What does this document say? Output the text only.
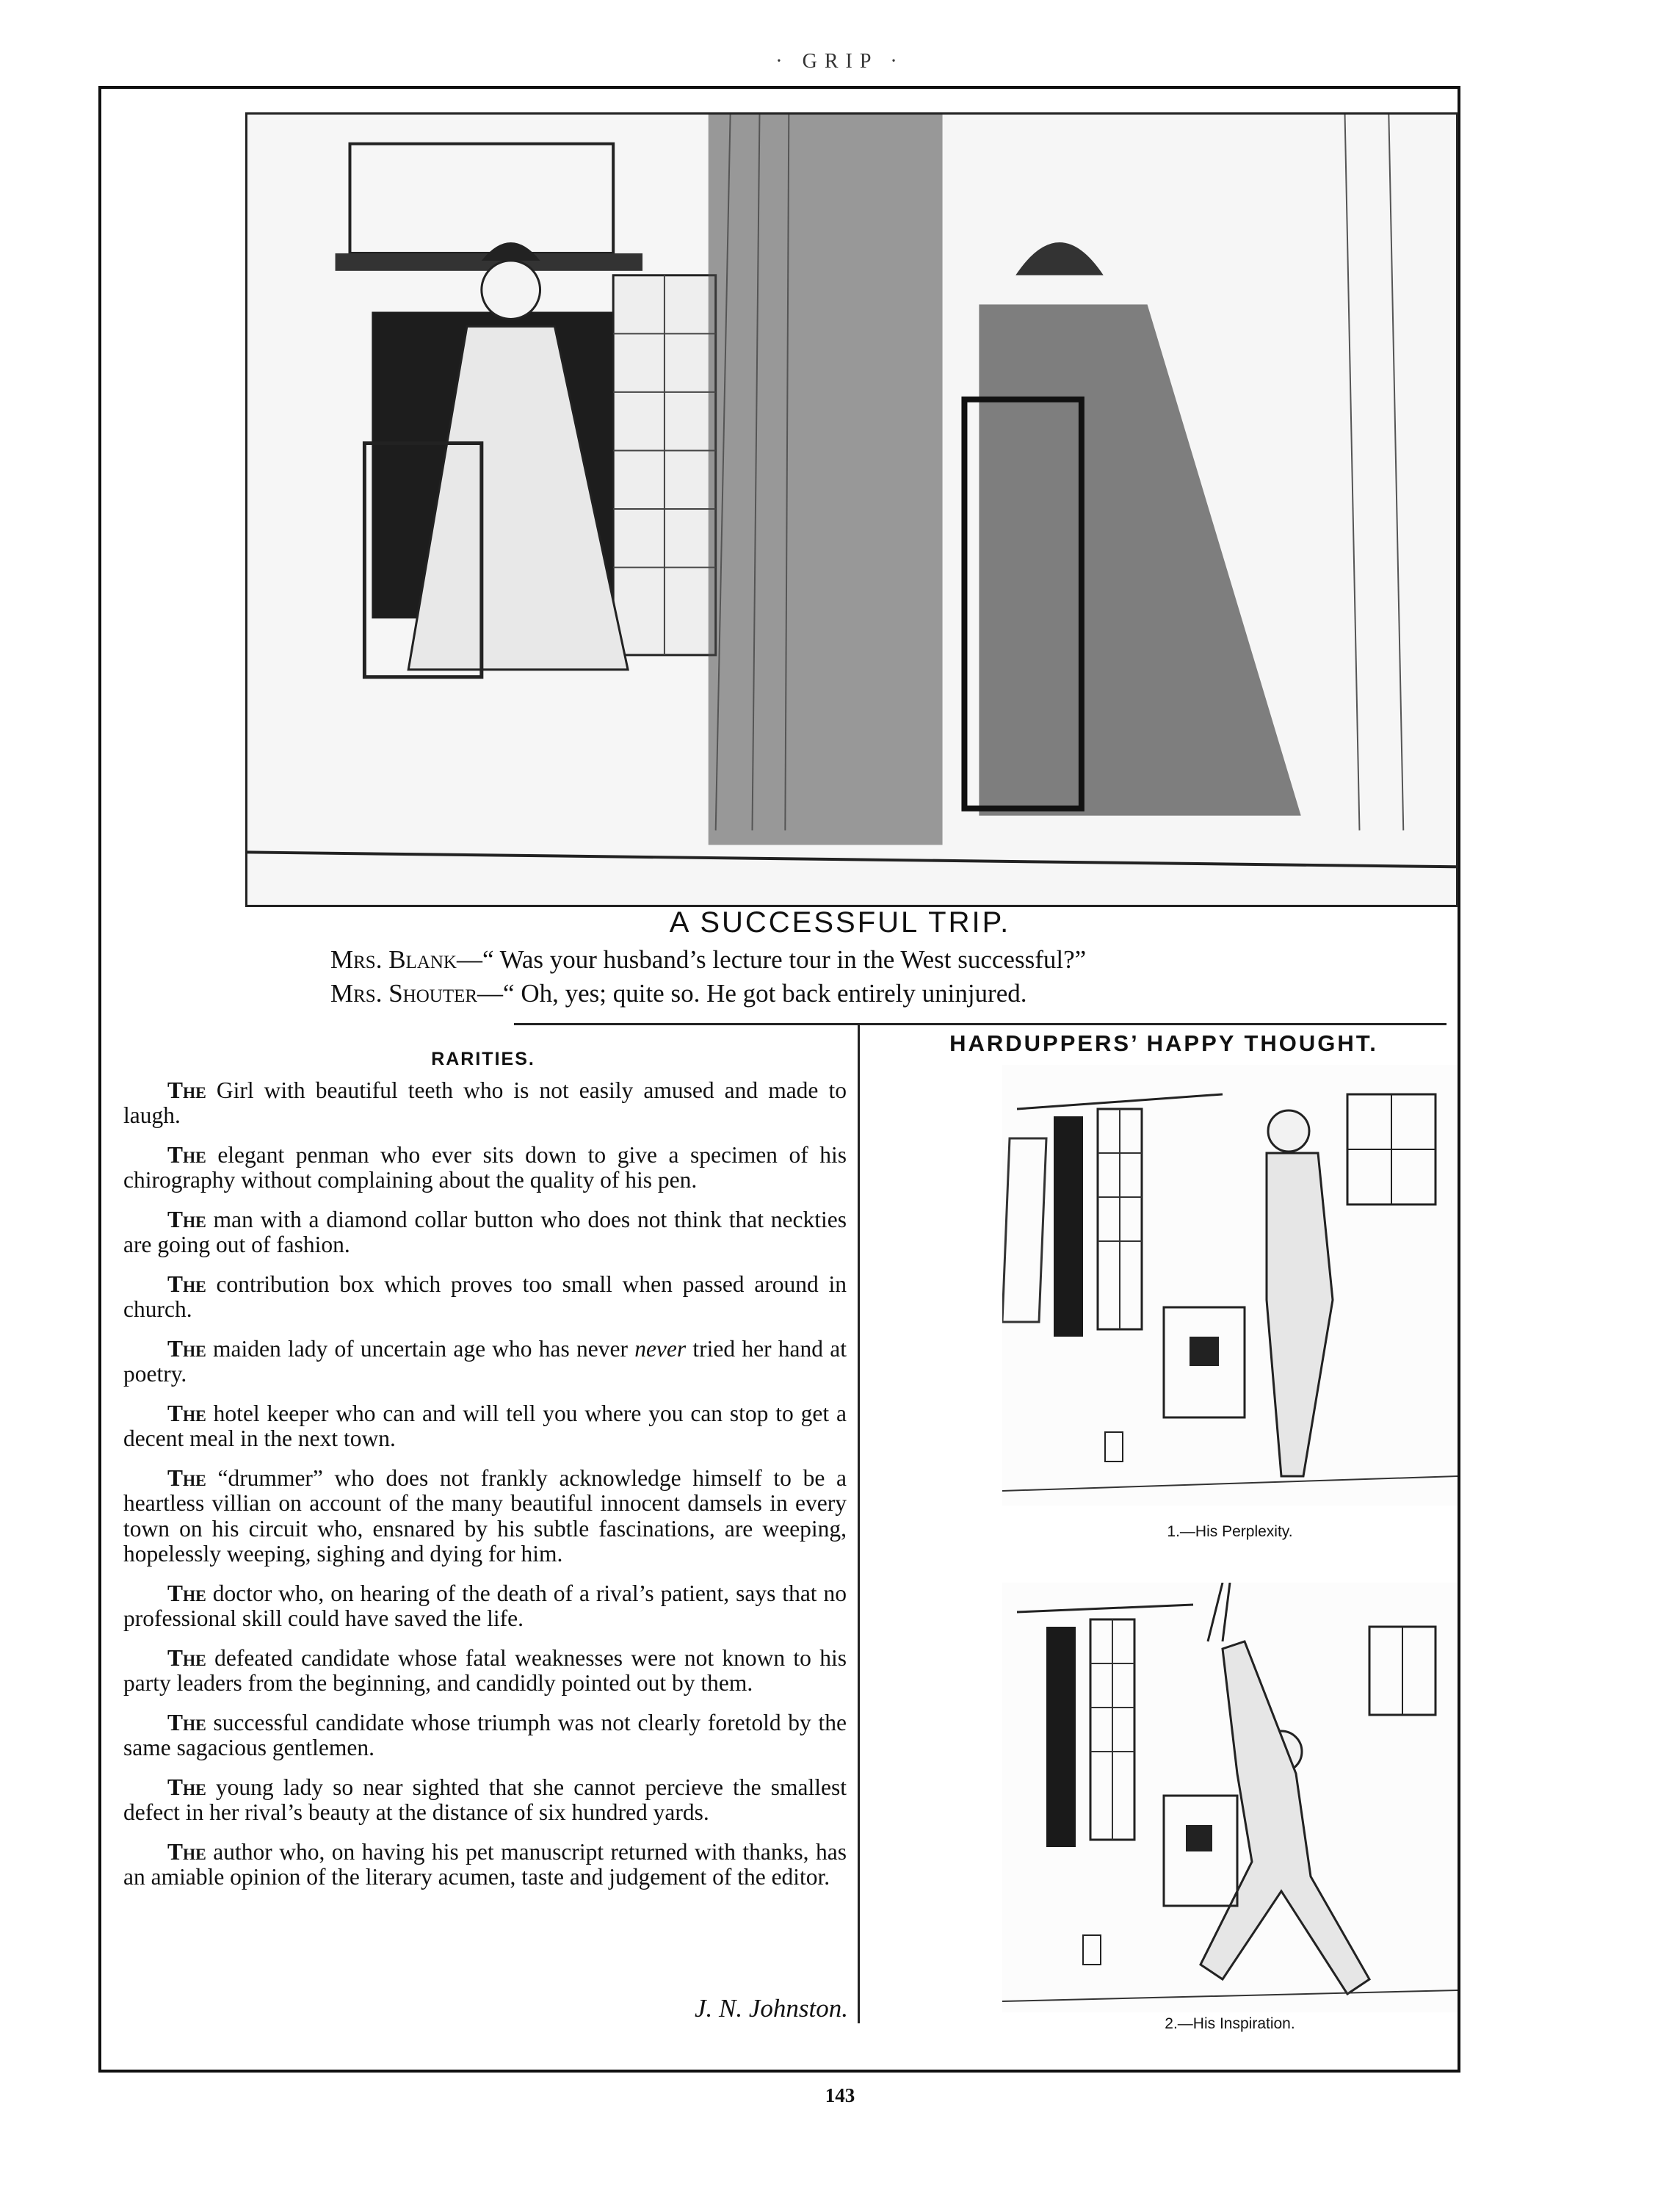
· GRIP ·
A SUCCESSFUL TRIP.
Mrs. Blank—“ Was your husband’s lecture tour in the West successful?”
Mrs. Shouter—“ Oh, yes; quite so. He got back entirely uninjured.
RARITIES.

The Girl with beautiful teeth who is not easily amused and made to laugh.

The elegant penman who ever sits down to give a specimen of his chirography without complaining about the quality of his pen.

The man with a diamond collar button who does not think that neckties are going out of fashion.

The contribution box which proves too small when passed around in church.

The maiden lady of uncertain age who has never never tried her hand at poetry.

The hotel keeper who can and will tell you where you can stop to get a decent meal in the next town.

The “drummer” who does not frankly acknowledge himself to be a heartless villian on account of the many beautiful innocent damsels in every town on his circuit who, ensnared by his subtle fascinations, are weeping, hopelessly weeping, sighing and dying for him.

The doctor who, on hearing of the death of a rival’s patient, says that no professional skill could have saved the life.

The defeated candidate whose fatal weaknesses were not known to his party leaders from the beginning, and candidly pointed out by them.

The successful candidate whose triumph was not clearly foretold by the same sagacious gentlemen.

The young lady so near sighted that she cannot percieve the smallest defect in her rival’s beauty at the distance of six hundred yards.

The author who, on having his pet manuscript returned with thanks, has an amiable opinion of the literary acumen, taste and judgement of the editor.

J. N. Johnston.
HARDUPPERS’ HAPPY THOUGHT.
1.—His Perplexity.
2.—His Inspiration.
143
